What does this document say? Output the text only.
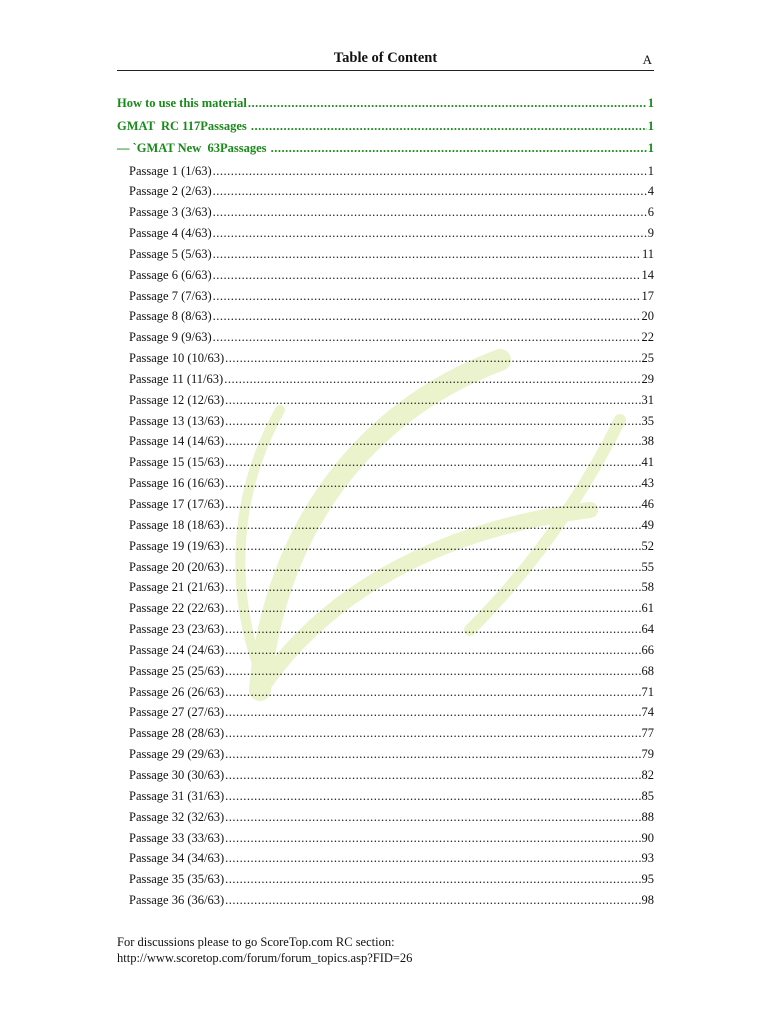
Table of Content	A
How to use this material .....	1
GMAT  RC 117Passages .....	1
— `GMAT New  63Passages .....	1
Passage 1 (1/63) .....	1
Passage 2 (2/63) .....	4
Passage 3 (3/63) .....	6
Passage 4 (4/63) .....	9
Passage 5 (5/63) .....	11
Passage 6 (6/63) .....	14
Passage 7 (7/63) .....	17
Passage 8 (8/63) .....	20
Passage 9 (9/63) .....	22
Passage 10 (10/63) .....	25
Passage 11 (11/63) .....	29
Passage 12 (12/63) .....	31
Passage 13 (13/63) .....	35
Passage 14 (14/63) .....	38
Passage 15 (15/63) .....	41
Passage 16 (16/63) .....	43
Passage 17 (17/63) .....	46
Passage 18 (18/63) .....	49
Passage 19 (19/63) .....	52
Passage 20 (20/63) .....	55
Passage 21 (21/63) .....	58
Passage 22 (22/63) .....	61
Passage 23 (23/63) .....	64
Passage 24 (24/63) .....	66
Passage 25 (25/63) .....	68
Passage 26 (26/63) .....	71
Passage 27 (27/63) .....	74
Passage 28 (28/63) .....	77
Passage 29 (29/63) .....	79
Passage 30 (30/63) .....	82
Passage 31 (31/63) .....	85
Passage 32 (32/63) .....	88
Passage 33 (33/63) .....	90
Passage 34 (34/63) .....	93
Passage 35 (35/63) .....	95
Passage 36 (36/63) .....	98
For discussions please to go ScoreTop.com RC section:
http://www.scoretop.com/forum/forum_topics.asp?FID=26
